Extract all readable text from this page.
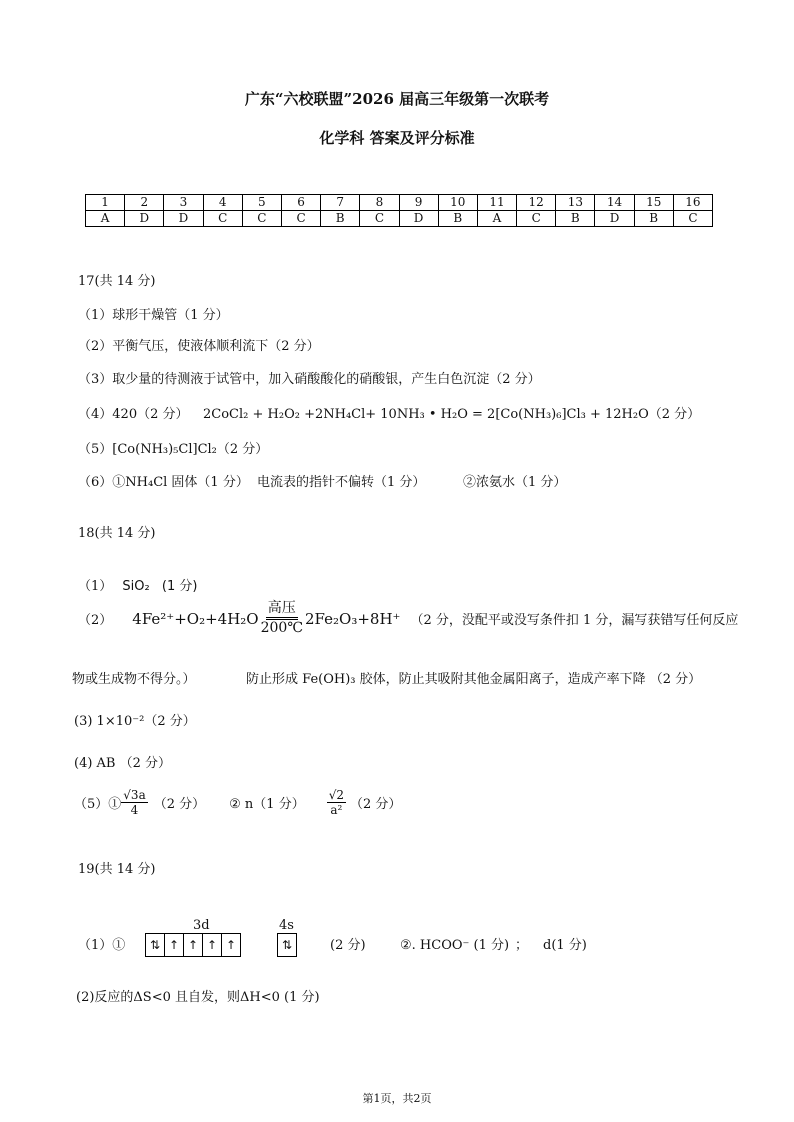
广东“六校联盟”2026 届高三年级第一次联考
化学科 答案及评分标准
1	2	3	4	5	6	7	8	9	10	11	12	13	14	15	16
A	D	D	C	C	C	B	C	D	B	A	C	B	D	B	C
17(共 14 分)
（1）球形干燥管（1 分）
（2）平衡气压，使液体顺利流下（2 分）
（3）取少量的待测液于试管中，加入硝酸酸化的硝酸银，产生白色沉淀（2 分）
（4）420（2 分） 2CoCl₂ + H₂O₂ +2NH₄Cl+ 10NH₃ • H₂O = 2[Co(NH₃)₆]Cl₃ + 12H₂O（2 分）
（5）[Co(NH₃)₅Cl]Cl₂（2 分）
（6）①NH₄Cl 固体（1 分） 电流表的指针不偏转（1 分）	②浓氨水（1 分）
18(共 14 分)
（1） SiO₂ (1 分)
（2） 4Fe²⁺+O₂+4H₂O
高压
200℃
2Fe₂O₃+8H⁺ （2 分，没配平或没写条件扣 1 分，漏写获错写任何反应
物或生成物不得分。）	防止形成 Fe(OH)₃ 胶体，防止其吸附其他金属阳离子，造成产率下降 （2 分）
(3) 1×10⁻²（2 分）
(4) AB （2 分）
（5）① $\frac{√3a}{4} (2$ 分） ② n（1 分） $\frac{√2}{\text{a²}} (2$ 分）
19(共 14 分)
3d	4s
（1）①	⇅ ↑ ↑ ↑ ↑	⇅	(2 分)	②. HCOO⁻ (1 分) ； d(1 分)
(2)反应的ΔS<0 且自发，则ΔH<0 (1 分)
第1页，共2页
